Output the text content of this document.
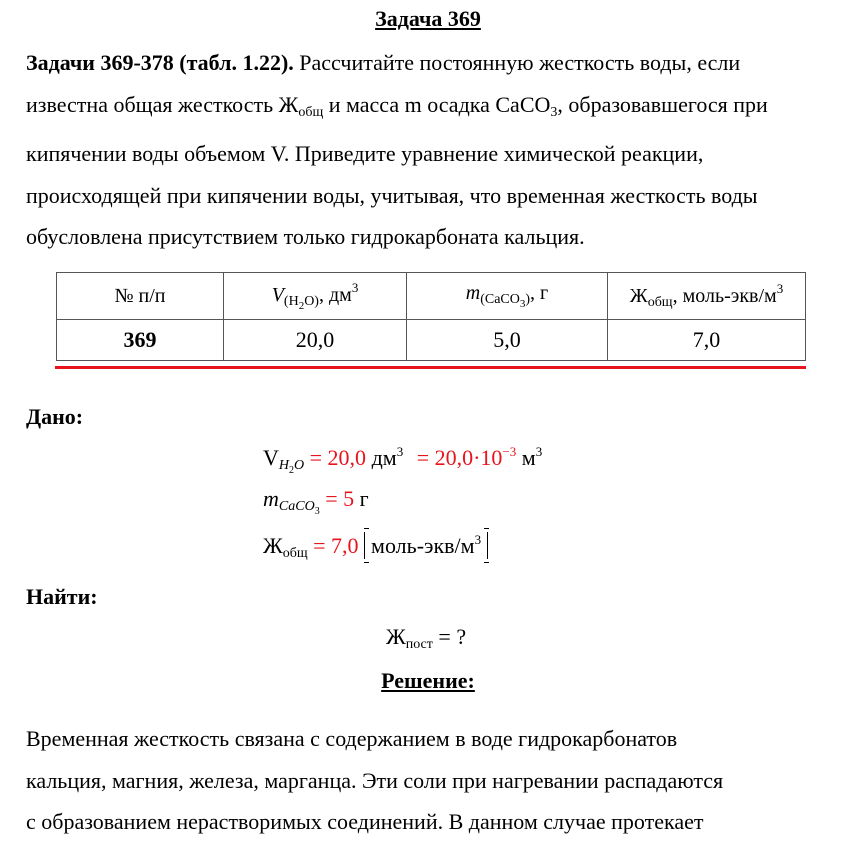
Задача 369
Задачи 369-378 (табл. 1.22). Рассчитайте постоянную жесткость воды, если
известна общая жесткость $Ж_{общ}$ и масса m осадка CaCO$_3$, образовавшегося при
кипячении воды объемом V. Приведите уравнение химической реакции,
происходящей при кипячении воды, учитывая, что временная жесткость воды
обусловлена присутствием только гидрокарбоната кальция.
№ п/п	$V_{(H2O)}$, $дм^3$	$m_{(CaCO3)}$, г	$Ж_{общ}$, моль-$экв/м^3$
369	20,0	5,0	7,0
Дано:
$V_{H2O} = 20,0$ $дм^3 = 20,0\cdot 10^{-3}$ $м^3$
$m_{CaCO3} = 5$ г
$Ж_{общ} = 7,0$ моль-$экв/м^3$
Найти:
$Ж_{пост}$ = ?
Решение:
Временная жесткость связана с содержанием в воде гидрокарбонатов
кальция, магния, железа, марганца. Эти соли при нагревании распадаются
с образованием нерастворимых соединений. В данном случае протекает
